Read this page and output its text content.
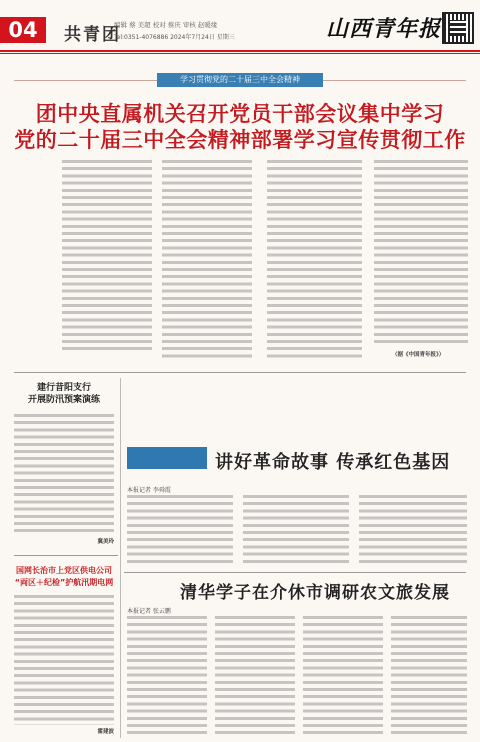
04	共青团
编辑 蔡 美超 校对 蔡庆 审核 赵暖缘
Tel:0351-4076886 2024年7月24日 星期三	山西青年报
学习贯彻党的二十届三中全会精神
团中央直属机关召开党员干部会议集中学习
党的二十届三中全会精神部署学习宣传贯彻工作
（据《中国青年报》）
建行昔阳支行
开展防汛预案演练
冀美玲
国网长治市上党区供电公司
“両区＋纪检”护航汛期电网
霍建波
讲好革命故事 传承红色基因
本报记者 李舜霞
清华学子在介休市调研农文旅发展
本报记者 张云鹏
